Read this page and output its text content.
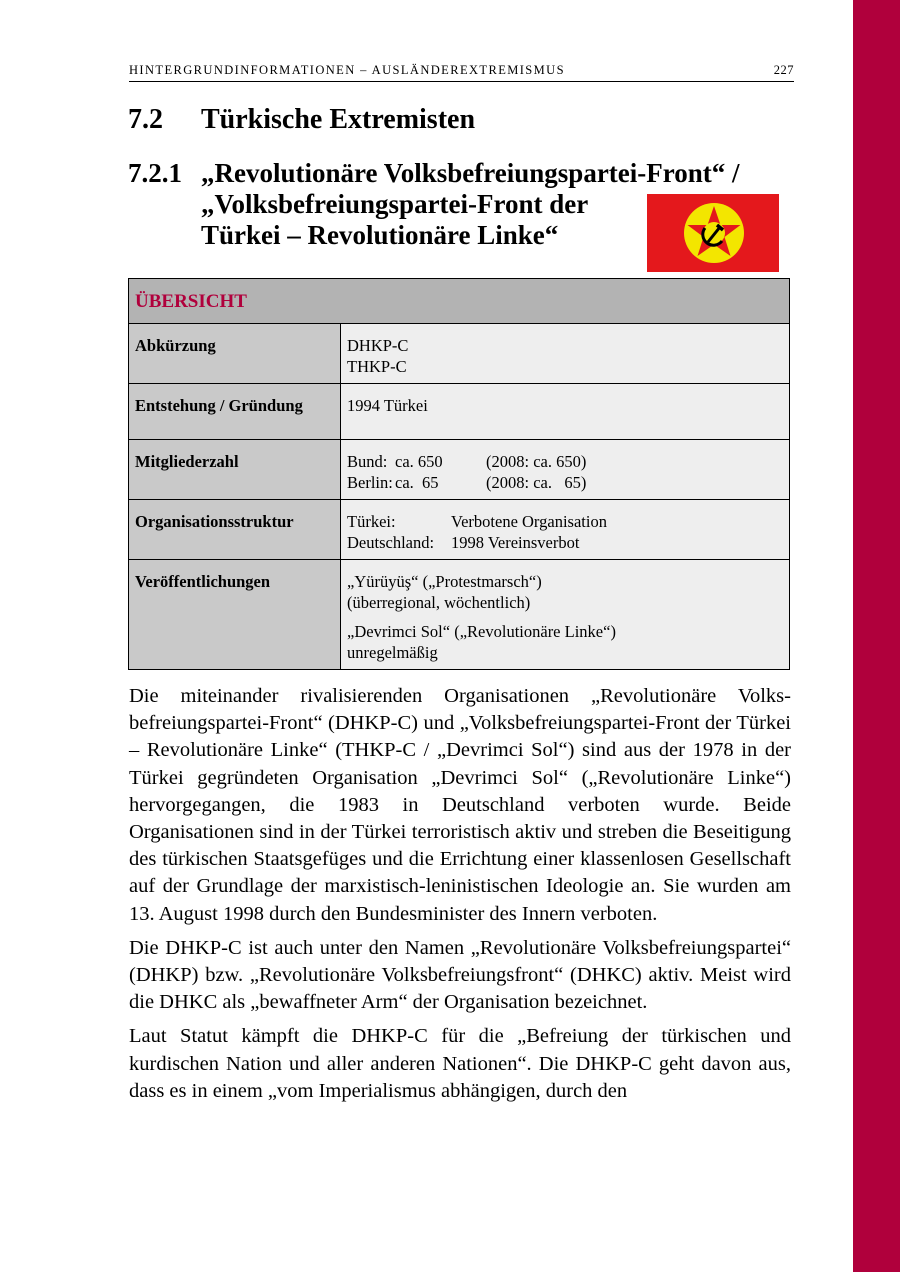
HINTERGRUNDINFORMATIONEN – AUSLÄNDEREXTREMISMUS	227
7.2 Türkische Extremisten
7.2.1 „Revolutionäre Volksbefreiungspartei-Front“ /
„Volksbefreiungspartei-Front der
Türkei – Revolutionäre Linke“
ÜBERSICHT	
Abkürzung	DHKP-C
THKP-C

Entstehung / Gründung	1994 Türkei

Mitgliederzahl	Bund: ca. 650 (2008: ca. 650)
Berlin: ca.  65 (2008: ca.   65)

Organisationsstruktur	Türkei: Verbotene Organisation
Deutschland: 1998 Vereinsverbot

Veröffentlichungen	„Yürüyüş“ („Protestmarsch“)
(überregional, wöchentlich)
„Devrimci Sol“ („Revolutionäre Linke“)
unregelmäßig

Die miteinander rivalisierenden Organisationen „Revolutionäre Volksbefreiungspartei-Front“ (DHKP-C) und „Volksbefreiungspartei-Front der Türkei – Revolutionäre Linke“ (THKP-C / „Devrimci Sol“) sind aus der 1978 in der Türkei gegründeten Organisation „Devrimci Sol“ („Revolutionäre Linke“) hervorgegangen, die 1983 in Deutschland verboten wurde. Beide Organisationen sind in der Türkei terroristisch aktiv und streben die Beseitigung des türkischen Staatsgefüges und die Errichtung einer klassenlosen Gesellschaft auf der Grundlage der marxistisch-leninistischen Ideologie an. Sie wurden am 13. August 1998 durch den Bundesminister des Innern verboten.

Die DHKP-C ist auch unter den Namen „Revolutionäre Volksbefreiungspartei“ (DHKP) bzw. „Revolutionäre Volksbefreiungsfront“ (DHKC) aktiv. Meist wird die DHKC als „bewaffneter Arm“ der Organisation bezeichnet.

Laut Statut kämpft die DHKP-C für die „Befreiung der türkischen und kurdischen Nation und aller anderen Nationen“. Die DHKP-C geht davon aus, dass es in einem „vom Imperialismus abhängigen, durch den
